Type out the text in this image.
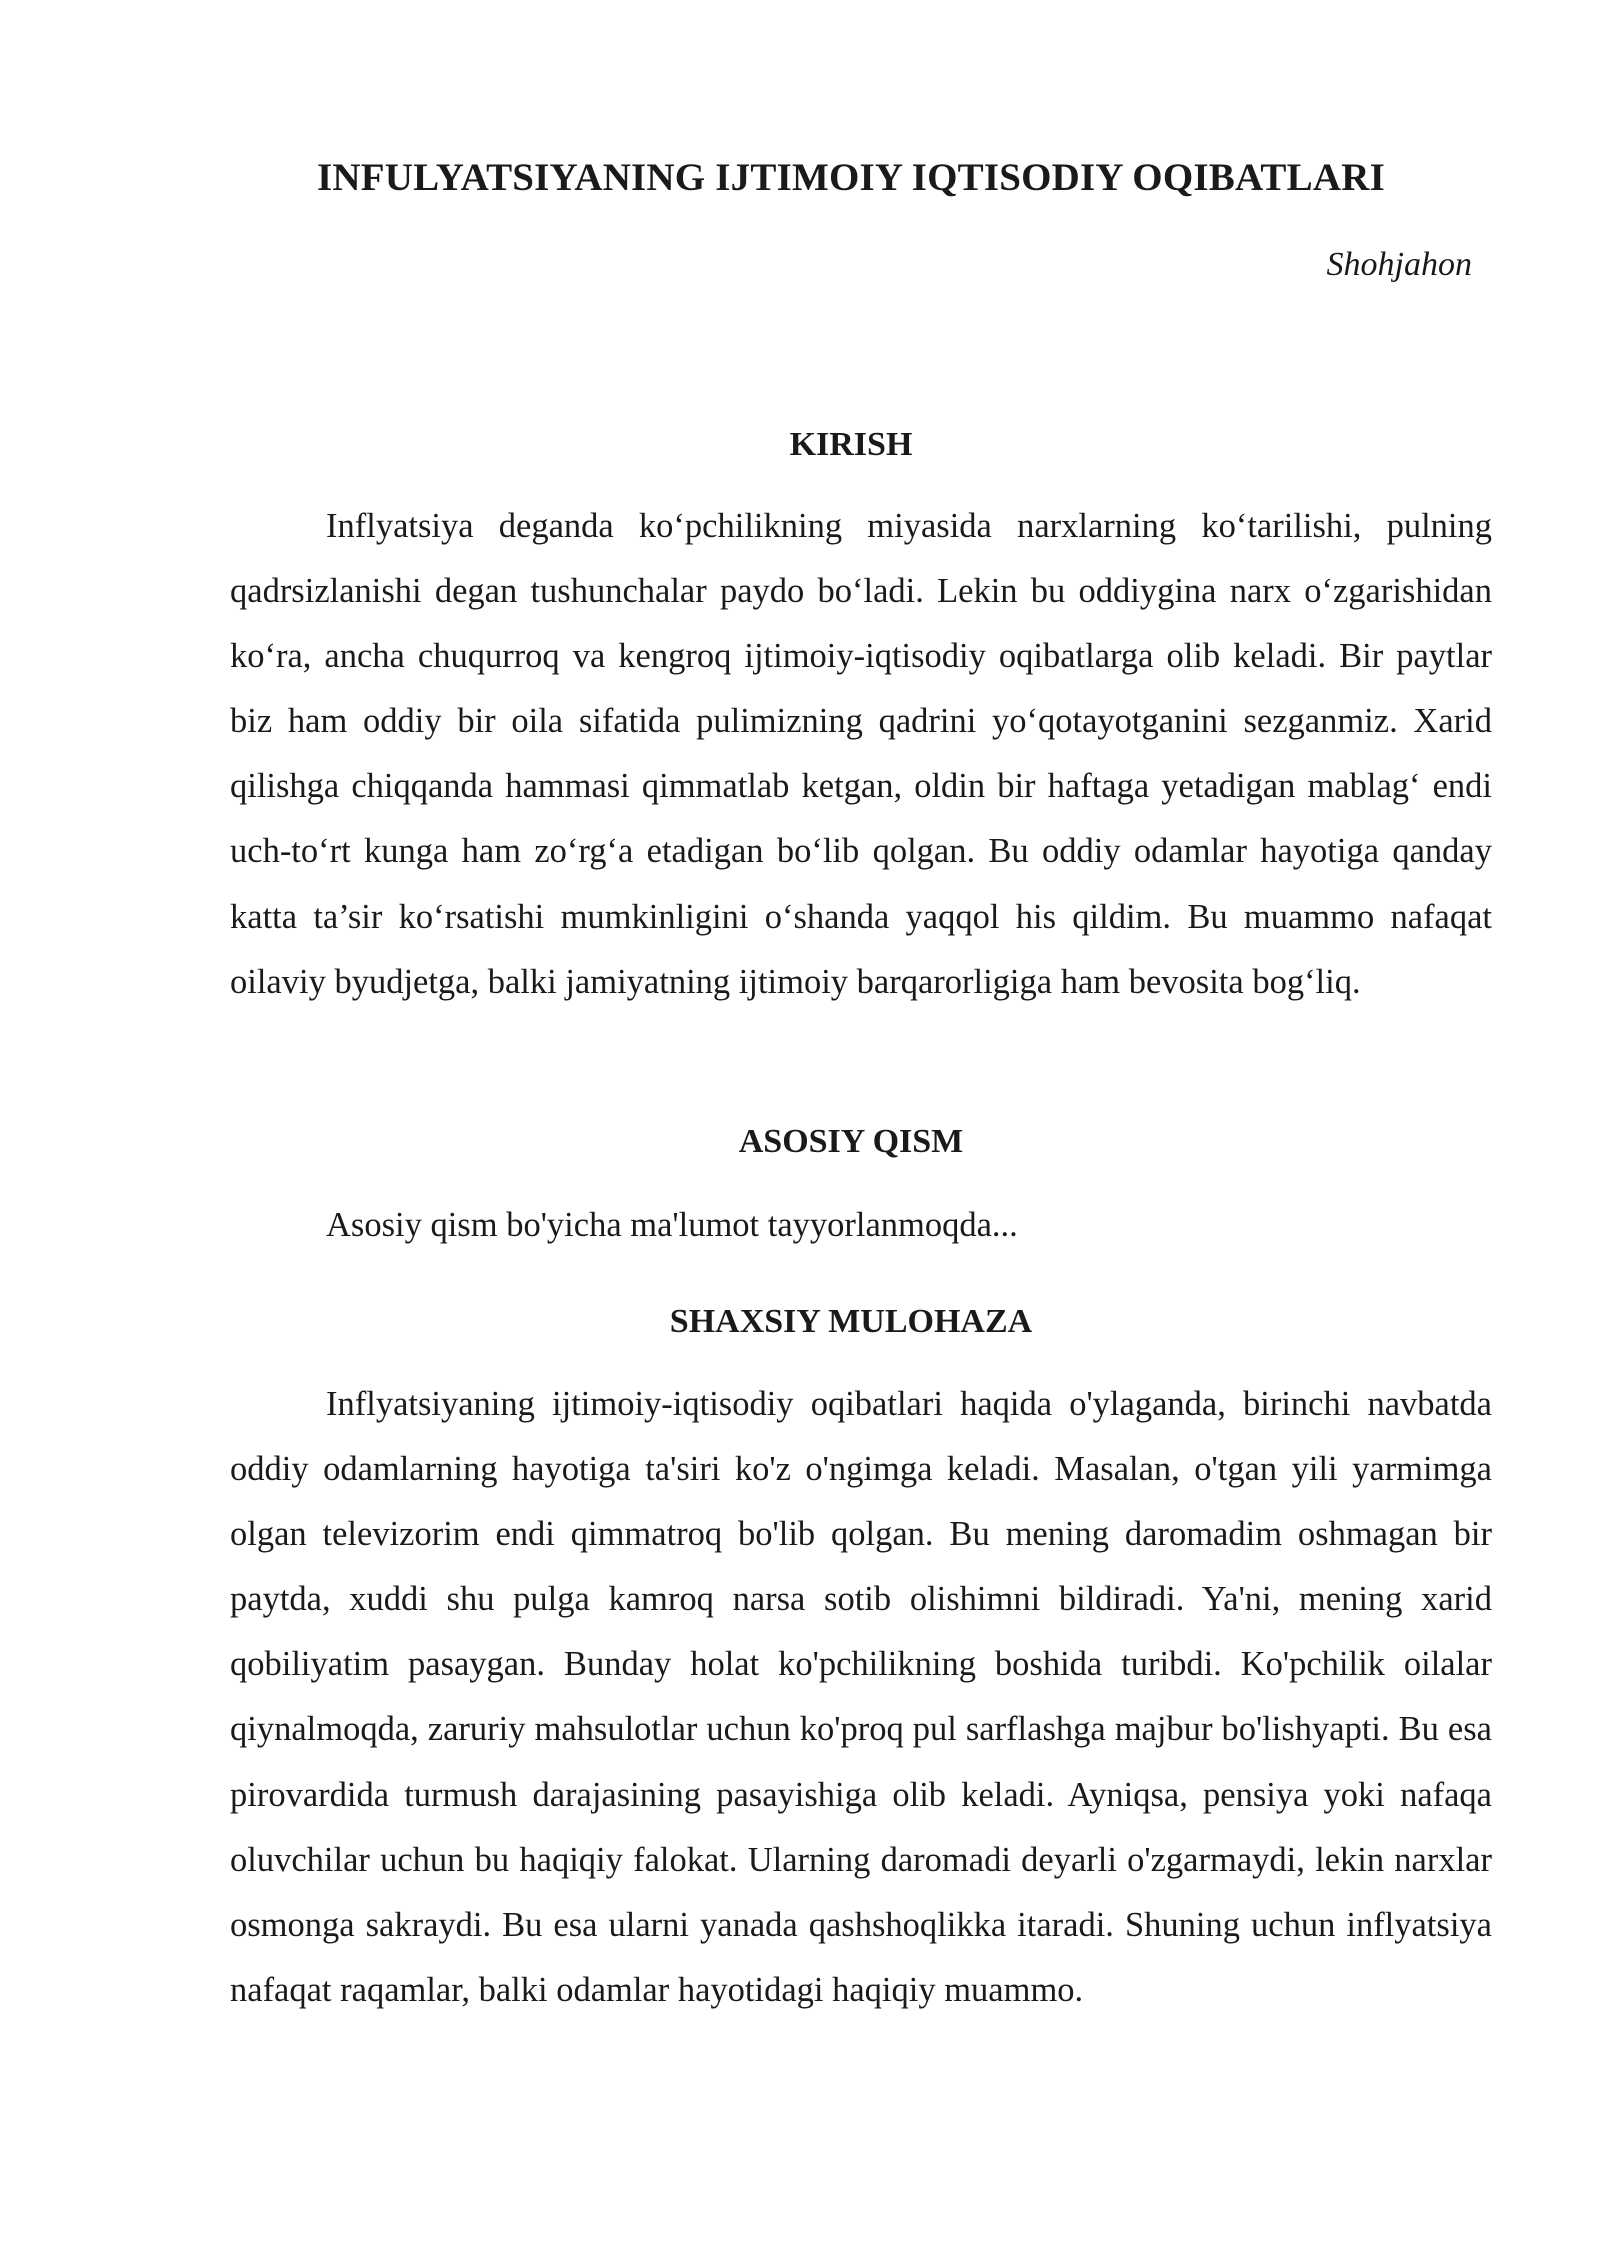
INFULYATSIYANING IJTIMOIY IQTISODIY OQIBATLARI

Shohjahon

KIRISH

Inflyatsiya deganda ko‘pchilikning miyasida narxlarning ko‘tarilishi, pulning qadrsizlanishi degan tushunchalar paydo bo‘ladi. Lekin bu oddiygina narx o‘zgarishidan ko‘ra, ancha chuqurroq va kengroq ijtimoiy-iqtisodiy oqibatlarga olib keladi. Bir paytlar biz ham oddiy bir oila sifatida pulimizning qadrini yo‘qotayotganini sezganmiz. Xarid qilishga chiqqanda hammasi qimmatlab ketgan, oldin bir haftaga yetadigan mablag‘ endi uch-to‘rt kunga ham zo‘rg‘a etadigan bo‘lib qolgan. Bu oddiy odamlar hayotiga qanday katta ta’sir ko‘rsatishi mumkinligini o‘shanda yaqqol his qildim. Bu muammo nafaqat oilaviy byudjetga, balki jamiyatning ijtimoiy barqarorligiga ham bevosita bog‘liq.

ASOSIY QISM

Asosiy qism bo'yicha ma'lumot tayyorlanmoqda...

SHAXSIY MULOHAZA

Inflyatsiyaning ijtimoiy-iqtisodiy oqibatlari haqida o'ylaganda, birinchi navbatda oddiy odamlarning hayotiga ta'siri ko'z o'ngimga keladi. Masalan, o'tgan yili yarmimga olgan televizorim endi qimmatroq bo'lib qolgan. Bu mening daromadim oshmagan bir paytda, xuddi shu pulga kamroq narsa sotib olishimni bildiradi. Ya'ni, mening xarid qobiliyatim pasaygan. Bunday holat ko'pchilikning boshida turibdi. Ko'pchilik oilalar qiynalmoqda, zaruriy mahsulotlar uchun ko'proq pul sarflashga majbur bo'lishyapti. Bu esa pirovardida turmush darajasining pasayishiga olib keladi. Ayniqsa, pensiya yoki nafaqa oluvchilar uchun bu haqiqiy falokat. Ularning daromadi deyarli o'zgarmaydi, lekin narxlar osmonga sakraydi. Bu esa ularni yanada qashshoqlikka itaradi. Shuning uchun inflyatsiya nafaqat raqamlar, balki odamlar hayotidagi haqiqiy muammo.
